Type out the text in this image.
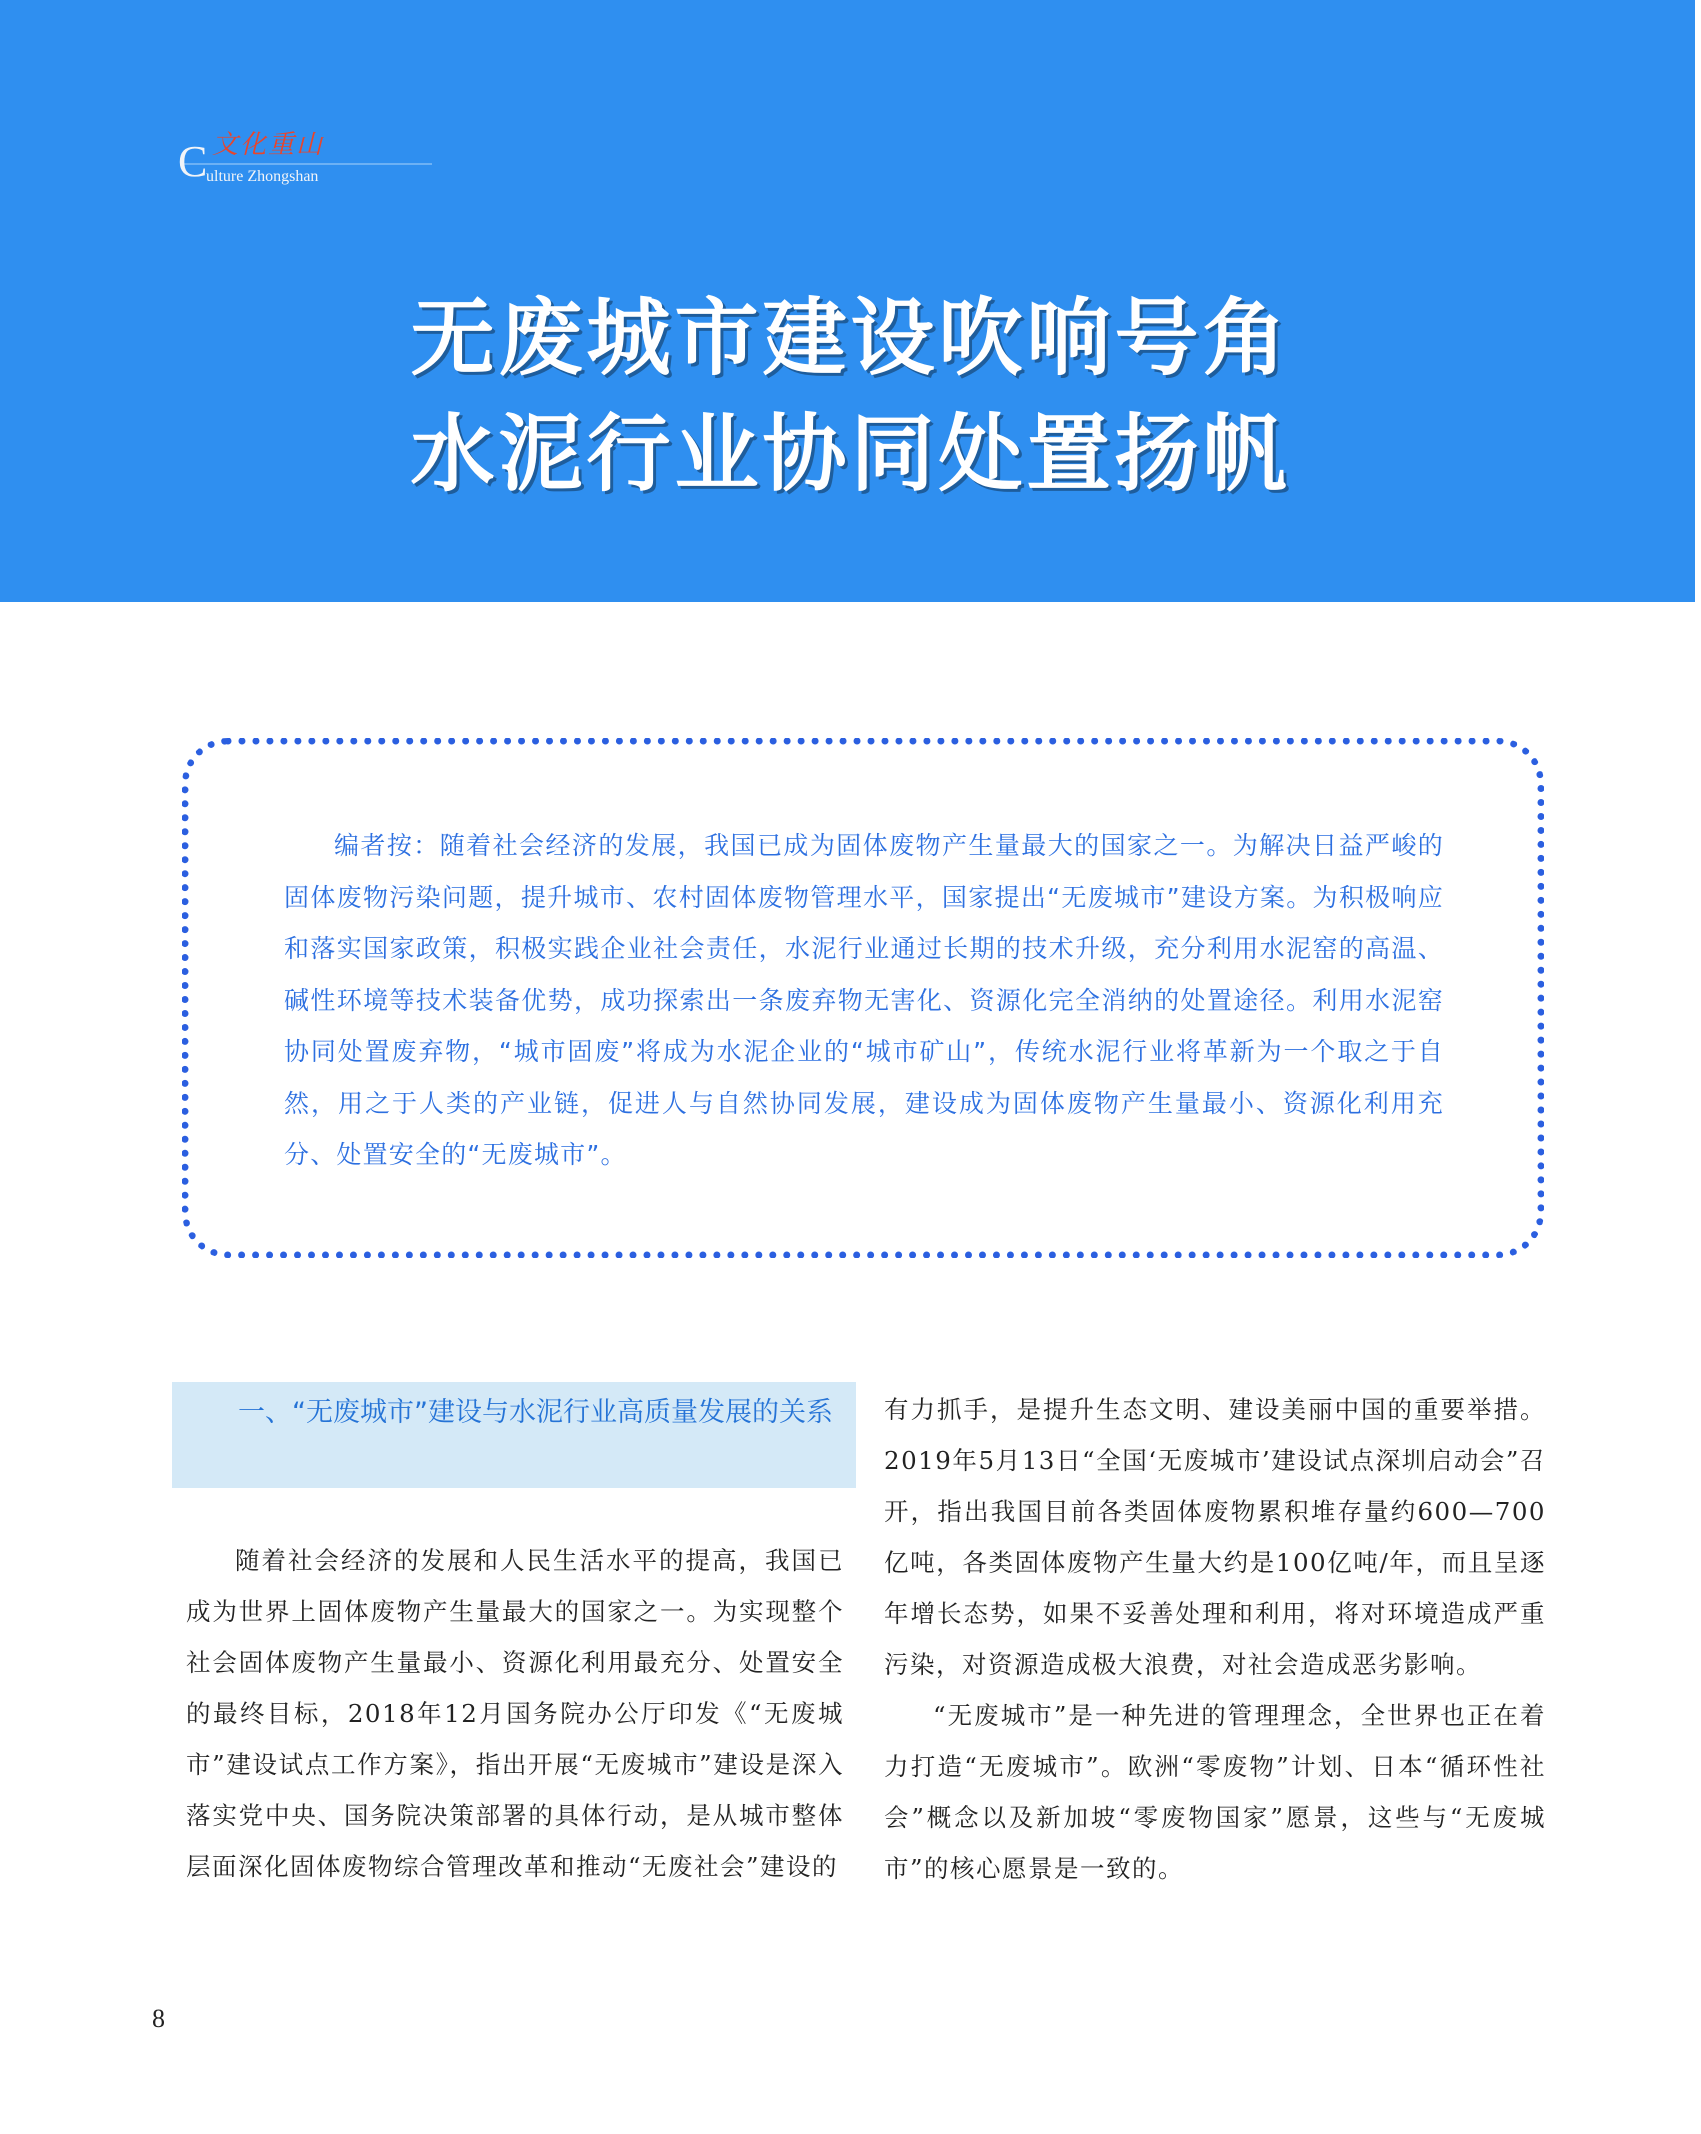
文化重山
C
ulture Zhongshan
无废城市建设吹响号角
水泥行业协同处置扬帆
编者按：随着社会经济的发展，我国已成为固体废物产生量最大的国家之一。为解决日益严峻的固体废物污染问题，提升城市、农村固体废物管理水平，国家提出“无废城市”建设方案。为积极响应和落实国家政策，积极实践企业社会责任，水泥行业通过长期的技术升级，充分利用水泥窑的高温、碱性环境等技术装备优势，成功探索出一条废弃物无害化、资源化完全消纳的处置途径。利用水泥窑协同处置废弃物，“城市固废”将成为水泥企业的“城市矿山”，传统水泥行业将革新为一个取之于自然，用之于人类的产业链，促进人与自然协同发展，建设成为固体废物产生量最小、资源化利用充分、处置安全的“无废城市”。
一、“无废城市”建设与水泥行业高质量发展的关系

随着社会经济的发展和人民生活水平的提高，我国已成为世界上固体废物产生量最大的国家之一。为实现整个社会固体废物产生量最小、资源化利用最充分、处置安全的最终目标，2018年12月国务院办公厅印发《“无废城市”建设试点工作方案》，指出开展“无废城市”建设是深入落实党中央、国务院决策部署的具体行动，是从城市整体层面深化固体废物综合管理改革和推动“无废社会”建设的

有力抓手，是提升生态文明、建设美丽中国的重要举措。2019年5月13日“全国‘无废城市’建设试点深圳启动会”召开，指出我国目前各类固体废物累积堆存量约600—700亿吨，各类固体废物产生量大约是100亿吨/年，而且呈逐年增长态势，如果不妥善处理和利用，将对环境造成严重污染，对资源造成极大浪费，对社会造成恶劣影响。

“无废城市”是一种先进的管理理念，全世界也正在着力打造“无废城市”。欧洲“零废物”计划、日本“循环性社会”概念以及新加坡“零废物国家”愿景，这些与“无废城市”的核心愿景是一致的。

8
